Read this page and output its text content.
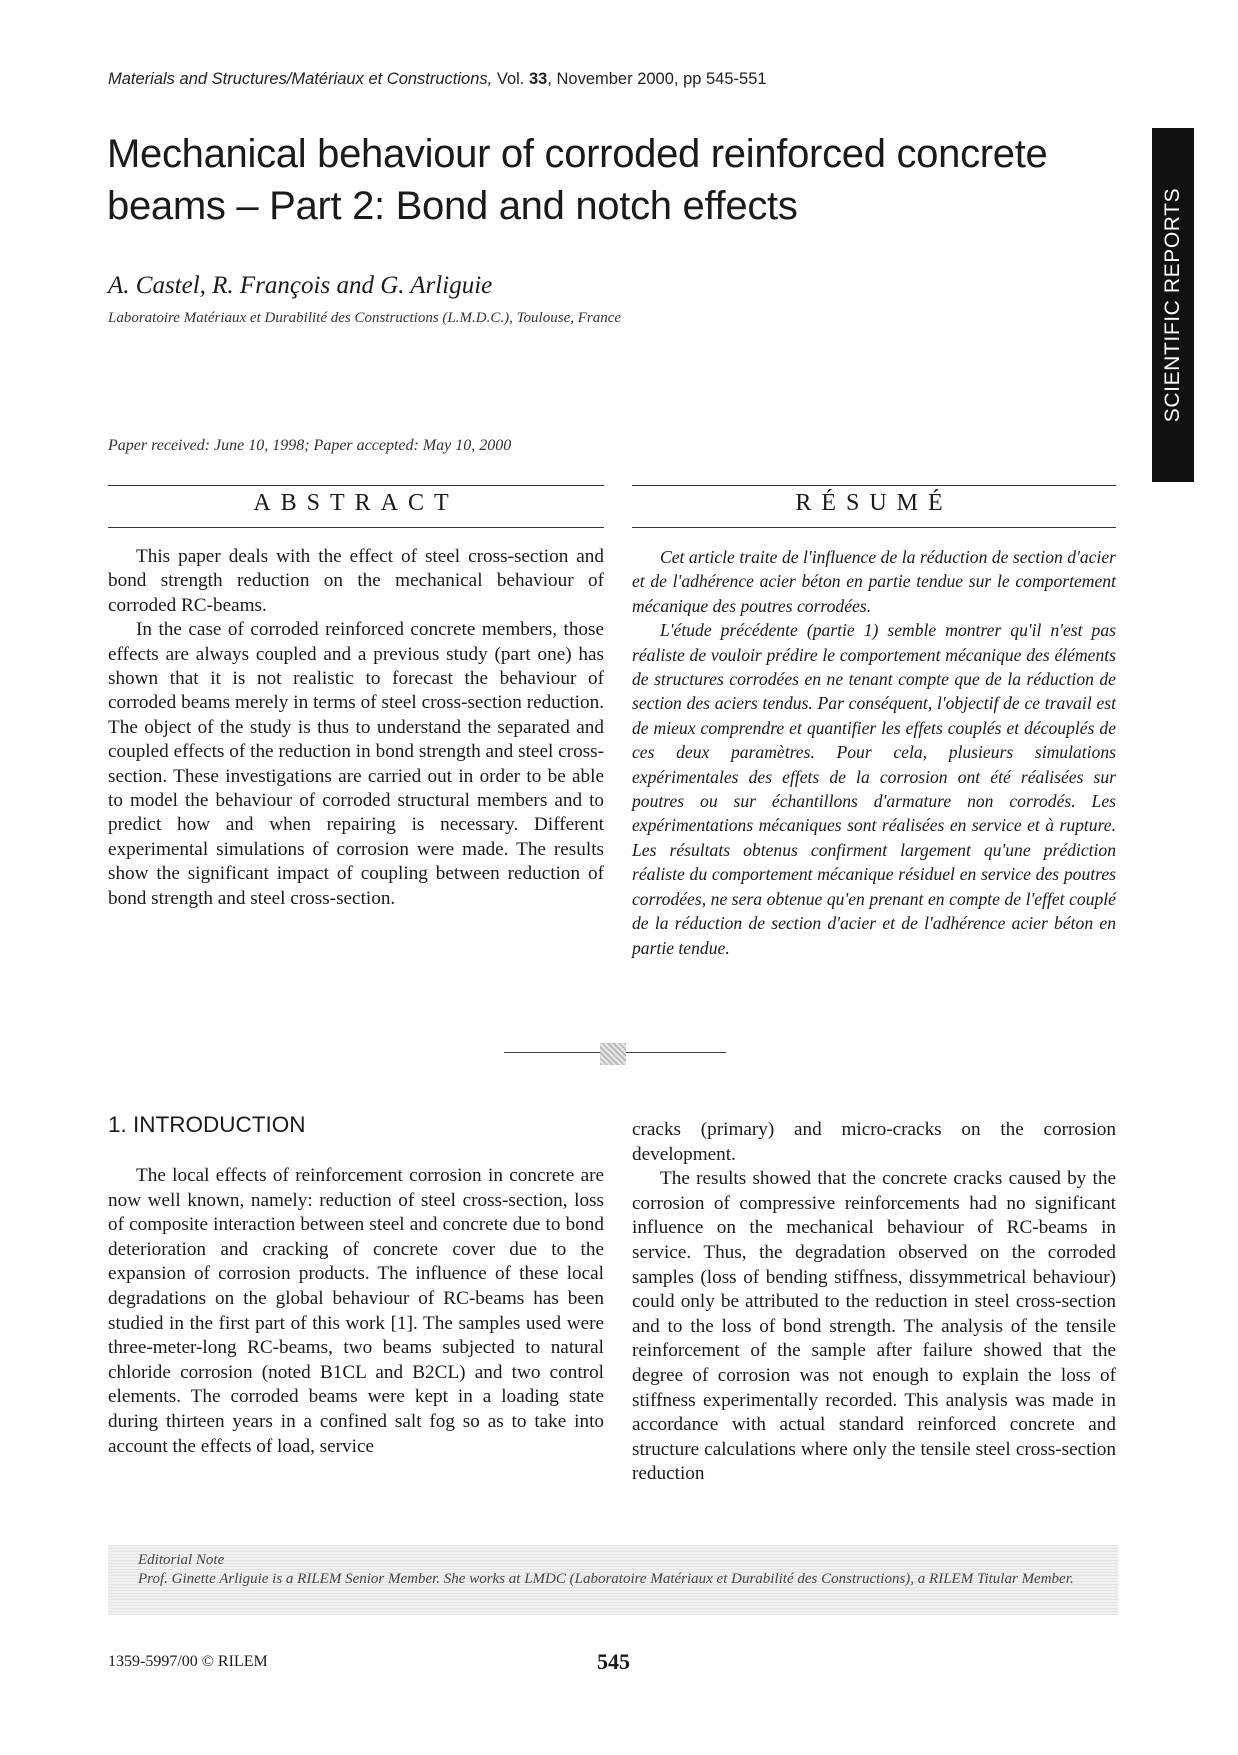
Materials and Structures/Matériaux et Constructions, Vol. 33, November 2000, pp 545-551
Mechanical behaviour of corroded reinforced concrete beams – Part 2: Bond and notch effects	SCIENTIFIC REPORTS
A. Castel, R. François and G. Arliguie
Laboratoire Matériaux et Durabilité des Constructions (L.M.D.C.), Toulouse, France
Paper received: June 10, 1998; Paper accepted: May 10, 2000
ABSTRACT	RÉSUMÉ

This paper deals with the effect of steel cross-section and bond strength reduction on the mechanical behaviour of corroded RC-beams.

In the case of corroded reinforced concrete members, those effects are always coupled and a previous study (part one) has shown that it is not realistic to forecast the behaviour of corroded beams merely in terms of steel cross-section reduction. The object of the study is thus to understand the separated and coupled effects of the reduction in bond strength and steel cross-section. These investigations are carried out in order to be able to model the behaviour of corroded structural members and to predict how and when repairing is necessary. Different experimental simulations of corrosion were made. The results show the significant impact of coupling between reduction of bond strength and steel cross-section.

Cet article traite de l'influence de la réduction de section d'acier et de l'adhérence acier béton en partie tendue sur le comportement mécanique des poutres corrodées.

L'étude précédente (partie 1) semble montrer qu'il n'est pas réaliste de vouloir prédire le comportement mécanique des éléments de structures corrodées en ne tenant compte que de la réduction de section des aciers tendus. Par conséquent, l'objectif de ce travail est de mieux comprendre et quantifier les effets couplés et découplés de ces deux paramètres. Pour cela, plusieurs simulations expérimentales des effets de la corrosion ont été réalisées sur poutres ou sur échantillons d'armature non corrodés. Les expérimentations mécaniques sont réalisées en service et à rupture. Les résultats obtenus confirment largement qu'une prédiction réaliste du comportement mécanique résiduel en service des poutres corrodées, ne sera obtenue qu'en prenant en compte de l'effet couplé de la réduction de section d'acier et de l'adhérence acier béton en partie tendue.

1. INTRODUCTION

The local effects of reinforcement corrosion in concrete are now well known, namely: reduction of steel cross-section, loss of composite interaction between steel and concrete due to bond deterioration and cracking of concrete cover due to the expansion of corrosion products. The influence of these local degradations on the global behaviour of RC-beams has been studied in the first part of this work [1]. The samples used were three-meter-long RC-beams, two beams subjected to natural chloride corrosion (noted B1CL and B2CL) and two control elements. The corroded beams were kept in a loading state during thirteen years in a confined salt fog so as to take into account the effects of load, service

cracks (primary) and micro-cracks on the corrosion development.

The results showed that the concrete cracks caused by the corrosion of compressive reinforcements had no significant influence on the mechanical behaviour of RC-beams in service. Thus, the degradation observed on the corroded samples (loss of bending stiffness, dissymmetrical behaviour) could only be attributed to the reduction in steel cross-section and to the loss of bond strength. The analysis of the tensile reinforcement of the sample after failure showed that the degree of corrosion was not enough to explain the loss of stiffness experimentally recorded. This analysis was made in accordance with actual standard reinforced concrete and structure calculations where only the tensile steel cross-section reduction

Editorial Note
Prof. Ginette Arliguie is a RILEM Senior Member. She works at LMDC (Laboratoire Matériaux et Durabilité des Constructions), a RILEM Titular Member.
1359-5997/00 © RILEM	545
